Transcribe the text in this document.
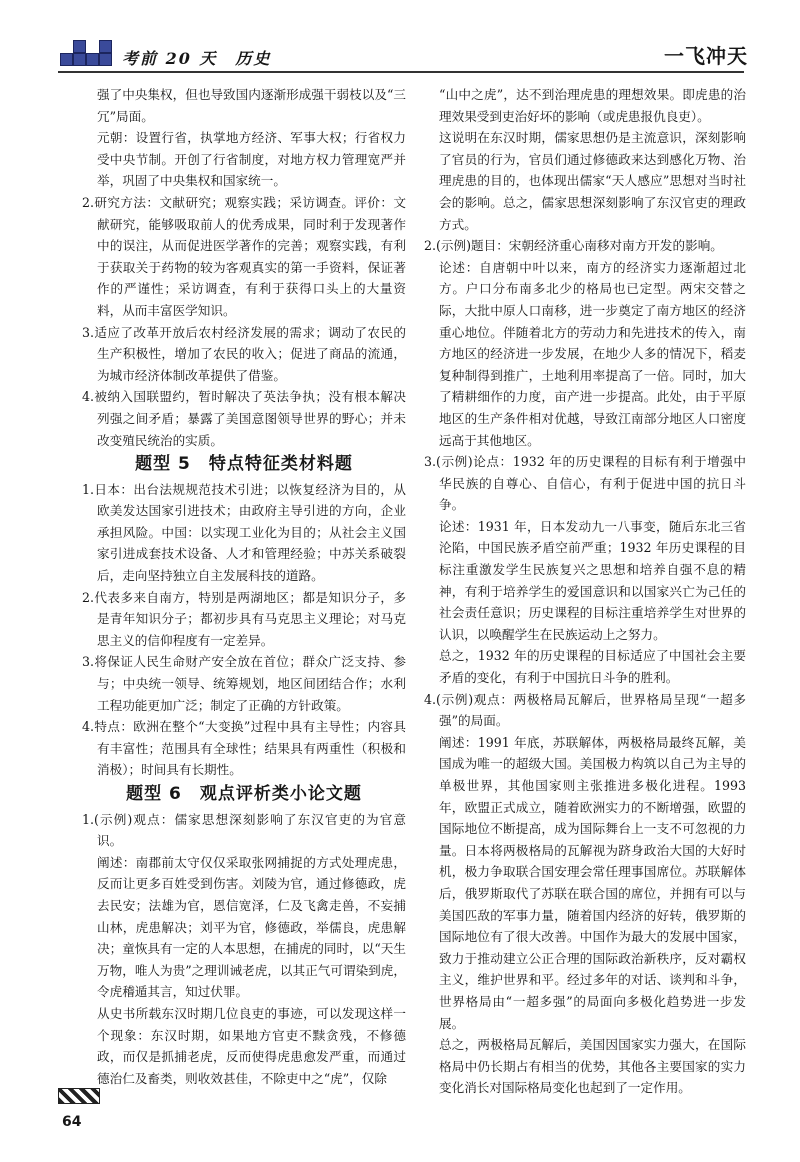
考前 20 天　历史	一飞冲天

强了中央集权，但也导致国内逐渐形成强干弱枝以及“三冗”局面。

元朝：设置行省，执掌地方经济、军事大权；行省权力受中央节制。开创了行省制度，对地方权力管理宽严并举，巩固了中央集权和国家统一。

2.研究方法：文献研究；观察实践；采访调查。评价：文献研究，能够吸取前人的优秀成果，同时利于发现著作中的误注，从而促进医学著作的完善；观察实践，有利于获取关于药物的较为客观真实的第一手资料，保证著作的严谨性；采访调查，有利于获得口头上的大量资料，从而丰富医学知识。

3.适应了改革开放后农村经济发展的需求；调动了农民的生产积极性，增加了农民的收入；促进了商品的流通，为城市经济体制改革提供了借鉴。

4.被纳入国联盟约，暂时解决了英法争执；没有根本解决列强之间矛盾；暴露了美国意图领导世界的野心；并未改变殖民统治的实质。

题型 5　特点特征类材料题

1.日本：出台法规规范技术引进；以恢复经济为目的，从欧美发达国家引进技术；由政府主导引进的方向，企业承担风险。中国：以实现工业化为目的；从社会主义国家引进成套技术设备、人才和管理经验；中苏关系破裂后，走向坚持独立自主发展科技的道路。

2.代表多来自南方，特别是两湖地区；都是知识分子，多是青年知识分子；都初步具有马克思主义理论；对马克思主义的信仰程度有一定差异。

3.将保证人民生命财产安全放在首位；群众广泛支持、参与；中央统一领导、统筹规划，地区间团结合作；水利工程功能更加广泛；制定了正确的方针政策。

4.特点：欧洲在整个“大变换”过程中具有主导性；内容具有丰富性；范围具有全球性；结果具有两重性（积极和消极）；时间具有长期性。

题型 6　观点评析类小论文题

1.(示例)观点：儒家思想深刻影响了东汉官吏的为官意识。

阐述：南郡前太守仅仅采取张网捕捉的方式处理虎患，反而让更多百姓受到伤害。刘陵为官，通过修德政，虎去民安；法雄为官，恩信宽泽，仁及飞禽走兽，不妄捕山林，虎患解决；刘平为官，修德政，举儒良，虎患解决；童恢具有一定的人本思想，在捕虎的同时，以“天生万物，唯人为贵”之理训诫老虎，以其正气可谓染到虎，令虎稽遁其言，知过伏罪。

从史书所载东汉时期几位良吏的事迹，可以发现这样一个现象：东汉时期，如果地方官吏不黩贪残，不修德政，而仅是抓捕老虎，反而使得虎患愈发严重，而通过德治仁及畜类，则收效甚佳，不除吏中之“虎”，仅除

“山中之虎”，达不到治理虎患的理想效果。即虎患的治理效果受到吏治好坏的影响（或虎患报仇良吏）。

这说明在东汉时期，儒家思想仍是主流意识，深刻影响了官员的行为，官员们通过修德政来达到感化万物、治理虎患的目的，也体现出儒家“天人感应”思想对当时社会的影响。总之，儒家思想深刻影响了东汉官吏的理政方式。

2.(示例)题目：宋朝经济重心南移对南方开发的影响。

论述：自唐朝中叶以来，南方的经济实力逐渐超过北方。户口分布南多北少的格局也已定型。两宋交替之际，大批中原人口南移，进一步奠定了南方地区的经济重心地位。伴随着北方的劳动力和先进技术的传入，南方地区的经济进一步发展，在地少人多的情况下，稻麦复种制得到推广，土地利用率提高了一倍。同时，加大了精耕细作的力度，亩产进一步提高。此处，由于平原地区的生产条件相对优越，导致江南部分地区人口密度远高于其他地区。

3.(示例)论点：1932 年的历史课程的目标有利于增强中华民族的自尊心、自信心，有利于促进中国的抗日斗争。

论述：1931 年，日本发动九一八事变，随后东北三省沦陷，中国民族矛盾空前严重；1932 年历史课程的目标注重激发学生民族复兴之思想和培养自强不息的精神，有利于培养学生的爱国意识和以国家兴亡为己任的社会责任意识；历史课程的目标注重培养学生对世界的认识，以唤醒学生在民族运动上之努力。

总之，1932 年的历史课程的目标适应了中国社会主要矛盾的变化，有利于中国抗日斗争的胜利。

4.(示例)观点：两极格局瓦解后，世界格局呈现“一超多强”的局面。

阐述：1991 年底，苏联解体，两极格局最终瓦解，美国成为唯一的超级大国。美国极力构筑以自己为主导的单极世界，其他国家则主张推进多极化进程。1993 年，欧盟正式成立，随着欧洲实力的不断增强，欧盟的国际地位不断提高，成为国际舞台上一支不可忽视的力量。日本将两极格局的瓦解视为跻身政治大国的大好时机，极力争取联合国安理会常任理事国席位。苏联解体后，俄罗斯取代了苏联在联合国的席位，并拥有可以与美国匹敌的军事力量，随着国内经济的好转，俄罗斯的国际地位有了很大改善。中国作为最大的发展中国家，致力于推动建立公正合理的国际政治新秩序，反对霸权主义，维护世界和平。经过多年的对话、谈判和斗争，世界格局由“一超多强”的局面向多极化趋势进一步发展。

总之，两极格局瓦解后，美国因国家实力强大，在国际格局中仍长期占有相当的优势，其他各主要国家的实力变化消长对国际格局变化也起到了一定作用。

64
